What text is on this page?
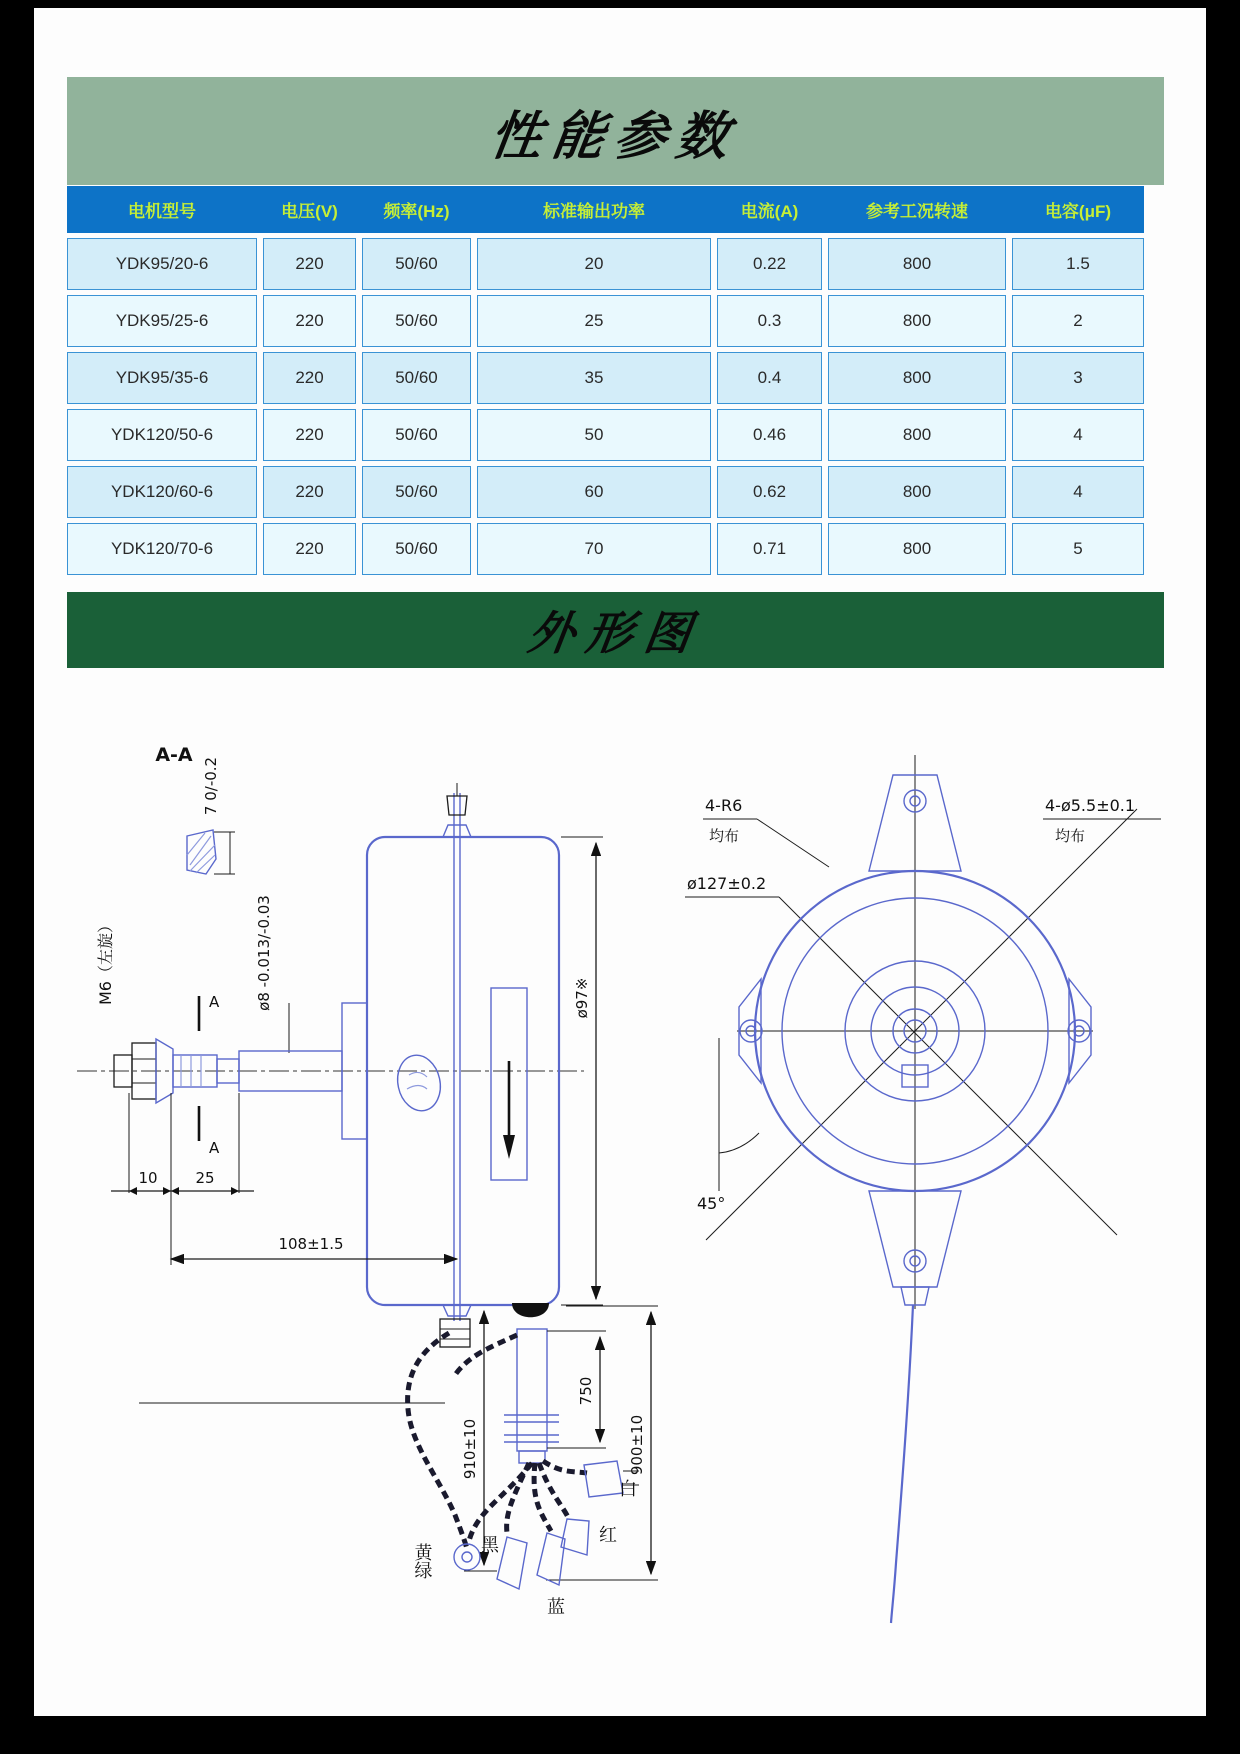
性能参数
电机型号	电压(V)	频率(Hz)	标准输出功率	电流(A)	参考工况转速	电容(μF)
YDK95/20-6	220	50/60	20	0.22	800	1.5
YDK95/25-6	220	50/60	25	0.3	800	2
YDK95/35-6	220	50/60	35	0.4	800	3
YDK120/50-6	220	50/60	50	0.46	800	4
YDK120/60-6	220	50/60	60	0.62	800	4
YDK120/70-6	220	50/60	70	0.71	800	5
外形图
A-A
7 0/-0.2
M6（左旋）	ø8 -0.013/-0.03
A
A
ø97※
10	25
108±1.5
750
900±10
910±10
白
红
黑
蓝
黄绿
4-R6
均布
4-ø5.5±0.1
均布
ø127±0.2
45°
